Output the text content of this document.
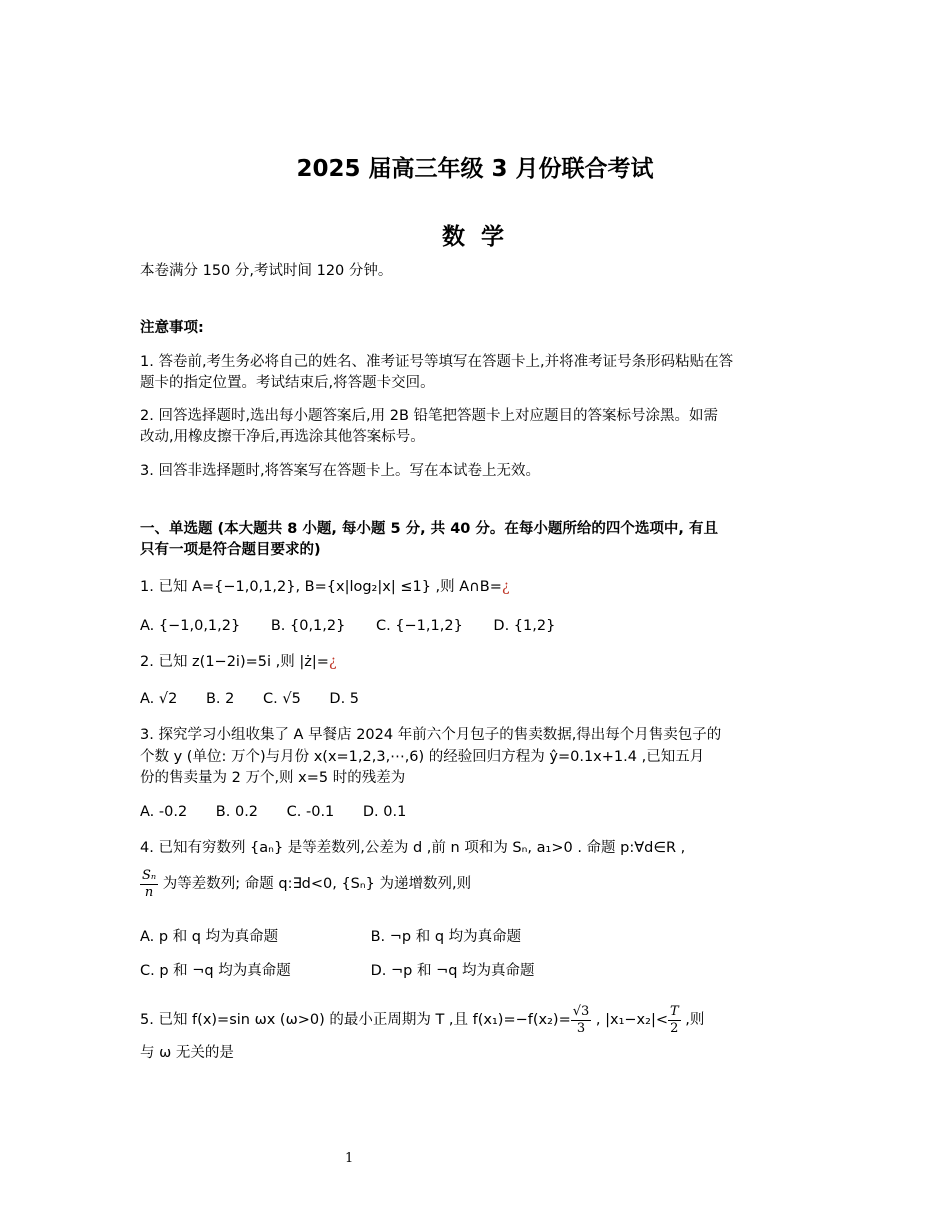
2025 届高三年级 3 月份联合考试
数 学
本卷满分 150 分,考试时间 120 分钟。
注意事项:
1. 答卷前,考生务必将自己的姓名、准考证号等填写在答题卡上,并将准考证号条形码粘贴在答
题卡的指定位置。考试结束后,将答题卡交回。
2. 回答选择题时,选出每小题答案后,用 2B 铅笔把答题卡上对应题目的答案标号涂黑。如需
改动,用橡皮擦干净后,再选涂其他答案标号。
3. 回答非选择题时,将答案写在答题卡上。写在本试卷上无效。
一、单选题 (本大题共 8 小题, 每小题 5 分, 共 40 分。在每小题所给的四个选项中, 有且
只有一项是符合题目要求的)
1. 已知 A={−1,0,1,2}, B={x|log₂|x| ≤1} ,则 A∩B=¿
A. {−1,0,1,2} B. {0,1,2} C. {−1,1,2} D. {1,2}
2. 已知 z(1−2i)=5i ,则 |ż|=¿
A. √2 B. 2 C. √5 D. 5
3. 探究学习小组收集了 A 早餐店 2024 年前六个月包子的售卖数据,得出每个月售卖包子的
个数 y (单位: 万个)与月份 x(x=1,2,3,⋯,6) 的经验回归方程为 ŷ=0.1x+1.4 ,已知五月
份的售卖量为 2 万个,则 x=5 时的残差为
A. -0.2 B. 0.2 C. -0.1 D. 0.1
4. 已知有穷数列 {aₙ} 是等差数列,公差为 d ,前 n 项和为 Sₙ, a₁>0 . 命题 p:∀d∈R ,
$\frac{\text{Sₙ}}{n}$ 为等差数列; 命题 q:∃d<0, {Sₙ} 为递增数列,则
A. p 和 q 均为真命题	B. ¬p 和 q 均为真命题
C. p 和 ¬q 均为真命题	D. ¬p 和 ¬q 均为真命题
5. 已知 f(x)=sin ωx (ω>0) 的最小正周期为 T ,且 $f(x_1)=-f(x_2)= \frac{√3}{3}$ , $|x_1-x_2|< \frac{T}{2}$ ,则
与 ω 无关的是
1
